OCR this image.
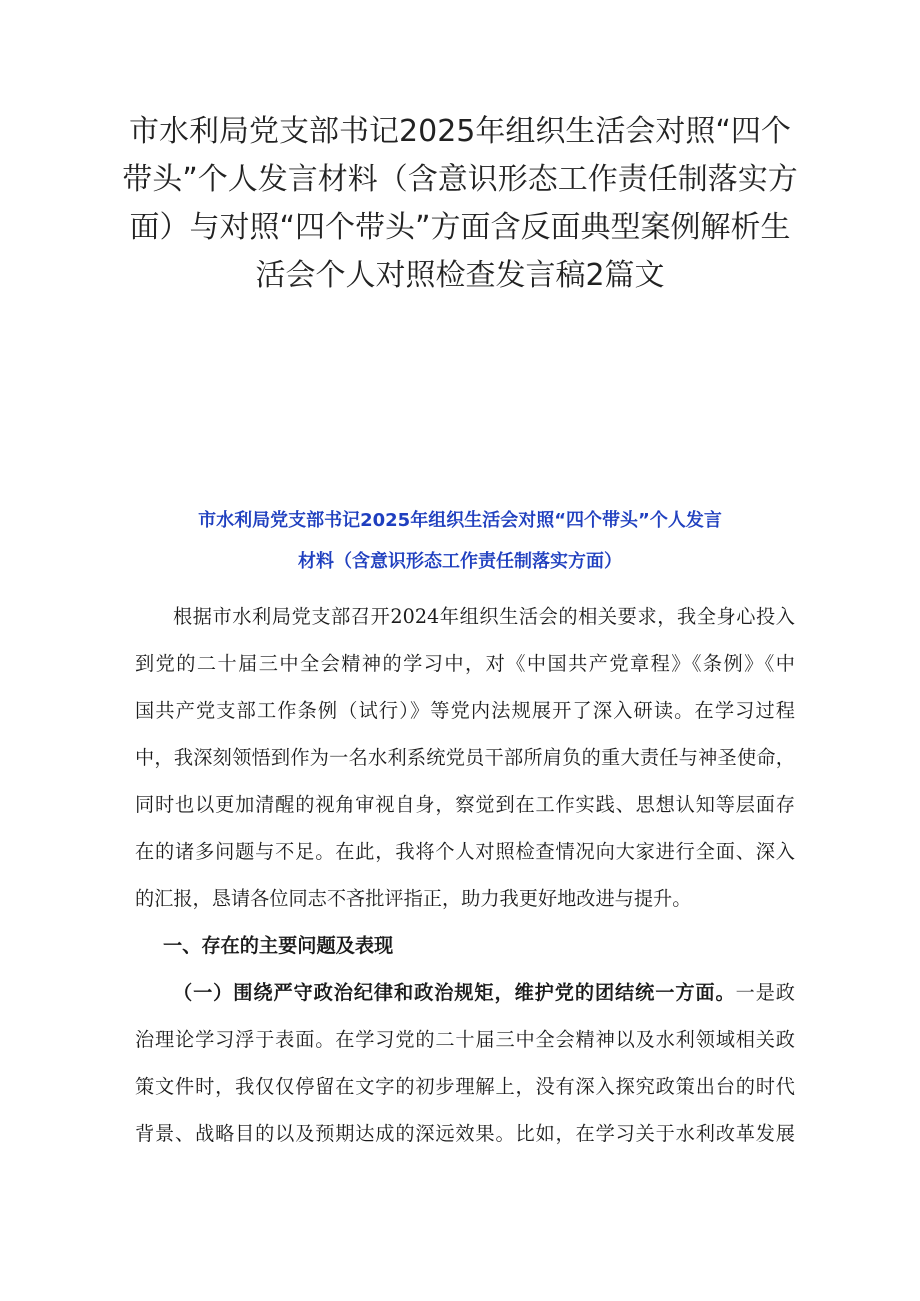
市水利局党支部书记2025年组织生活会对照“四个
带头”个人发言材料（含意识形态工作责任制落实方
面）与对照“四个带头”方面含反面典型案例解析生
活会个人对照检查发言稿2篇文
市水利局党支部书记2025年组织生活会对照“四个带头”个人发言
材料（含意识形态工作责任制落实方面）
根据市水利局党支部召开2024年组织生活会的相关要求，我全身心投入
到党的二十届三中全会精神的学习中，对《中国共产党章程》《条例》《中
国共产党支部工作条例（试行）》等党内法规展开了深入研读。在学习过程
中，我深刻领悟到作为一名水利系统党员干部所肩负的重大责任与神圣使命，
同时也以更加清醒的视角审视自身，察觉到在工作实践、思想认知等层面存
在的诸多问题与不足。在此，我将个人对照检查情况向大家进行全面、深入
的汇报，恳请各位同志不吝批评指正，助力我更好地改进与提升。
一、存在的主要问题及表现
（一）围绕严守政治纪律和政治规矩，维护党的团结统一方面。一是政
治理论学习浮于表面。在学习党的二十届三中全会精神以及水利领域相关政
策文件时，我仅仅停留在文字的初步理解上，没有深入探究政策出台的时代
背景、战略目的以及预期达成的深远效果。比如，在学习关于水利改革发展
